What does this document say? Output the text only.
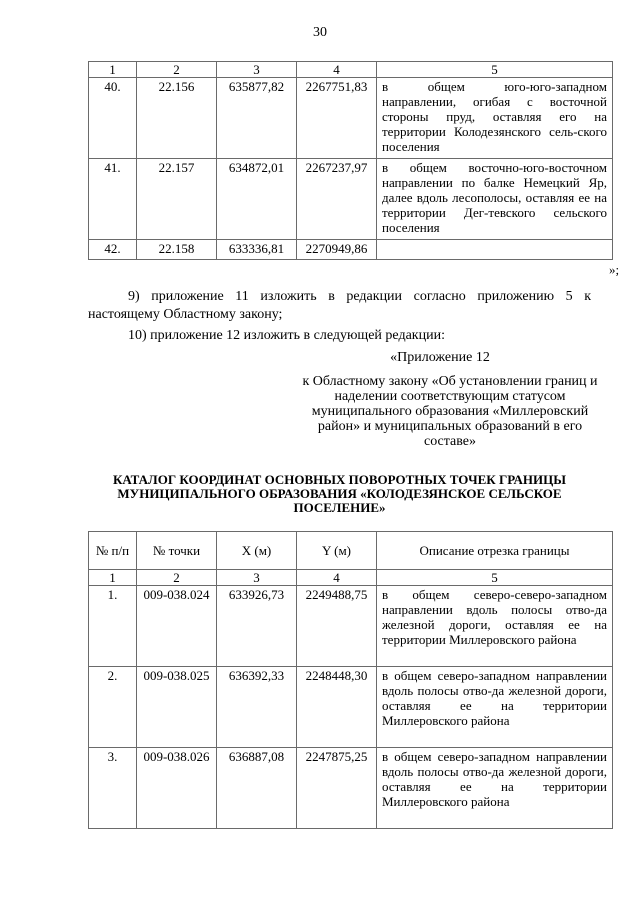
30
1	2	3	4	5
40.	22.156	635877,82	2267751,83	в общем юго-юго-западном направлении, огибая с восточной стороны пруд, оставляя его на территории Колодезянского сель-ского поселения
41.	22.157	634872,01	2267237,97	в общем восточно-юго-восточном направлении по балке Немецкий Яр, далее вдоль лесополосы, оставляя ее на территории Дег-тевского сельского поселения
42.	22.158	633336,81	2270949,86	
»;
9) приложение 11 изложить в редакции согласно приложению 5 к настоящему Областному закону;
10) приложение 12 изложить в следующей редакции:
«Приложение 12
к Областному закону «Об установлении границ и наделении соответствующим статусом муниципального образования «Миллеровский район» и муниципальных образований в его составе»
КАТАЛОГ КООРДИНАТ ОСНОВНЫХ ПОВОРОТНЫХ ТОЧЕК ГРАНИЦЫ МУНИЦИПАЛЬНОГО ОБРАЗОВАНИЯ «КОЛОДЕЗЯНСКОЕ СЕЛЬСКОЕ ПОСЕЛЕНИЕ»
№ п/п	№ точки	X (м)	Y (м)	Описание отрезка границы
1	2	3	4	5
1.	009-038.024	633926,73	2249488,75	в общем северо-северо-западном направлении вдоль полосы отво-да железной дороги, оставляя ее на территории Миллеровского района
2.	009-038.025	636392,33	2248448,30	в общем северо-западном направлении вдоль полосы отво-да железной дороги, оставляя ее на территории Миллеровского района
3.	009-038.026	636887,08	2247875,25	в общем северо-западном направлении вдоль полосы отво-да железной дороги, оставляя ее на территории Миллеровского района
